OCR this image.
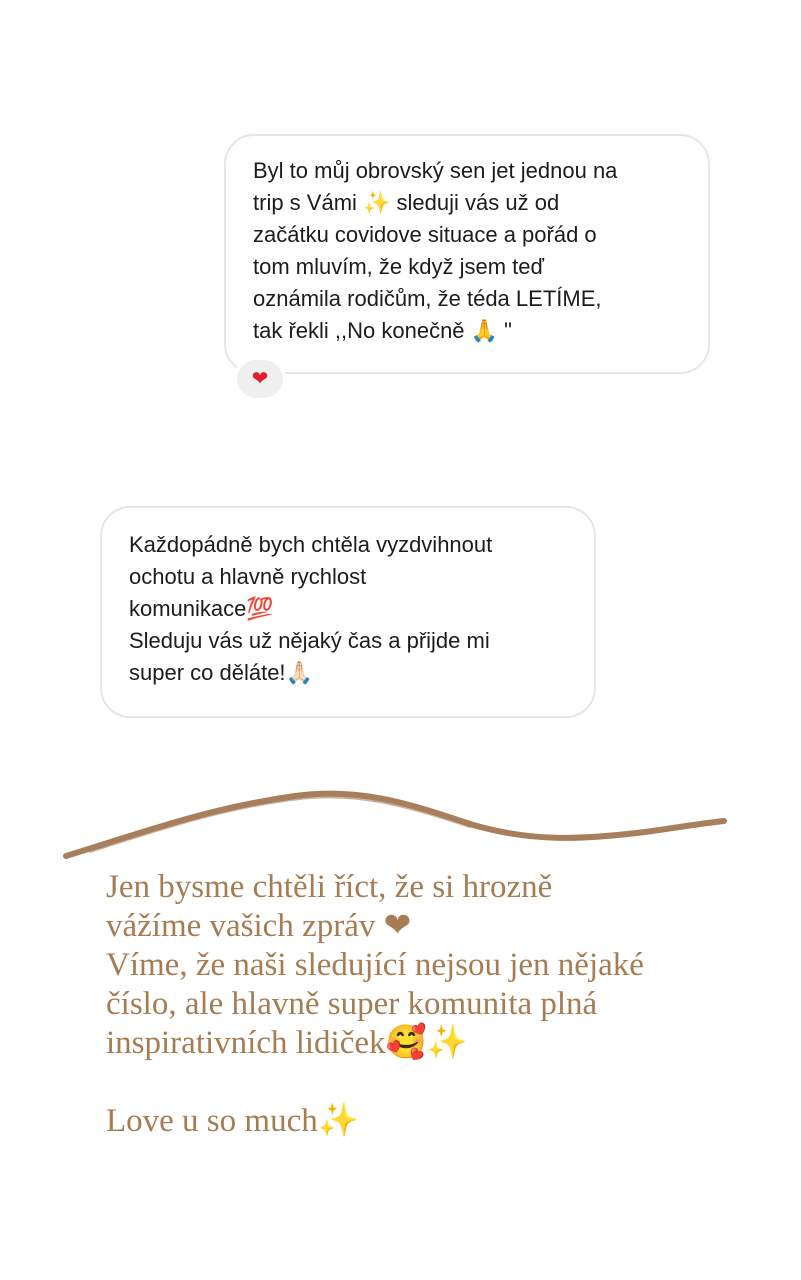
Byl to můj obrovský sen jet jednou na
trip s Vámi ✨ sleduji vás už od
začátku covidove situace a pořád o
tom mluvím, že když jsem teď
oznámila rodičům, že téda LETÍME,
tak řekli ,,No konečně 🙏 "

❤

Každopádně bych chtěla vyzdvihnout
ochotu a hlavně rychlost
komunikace💯
Sleduju vás už nějaký čas a přijde mi
super co děláte!🙏🏻

Jen bysme chtěli říct, že si hrozně
vážíme vašich zpráv ❤
Víme, že naši sledující nejsou jen nějaké
číslo, ale hlavně super komunita plná
inspirativních lidiček🥰✨

Love u so much✨
